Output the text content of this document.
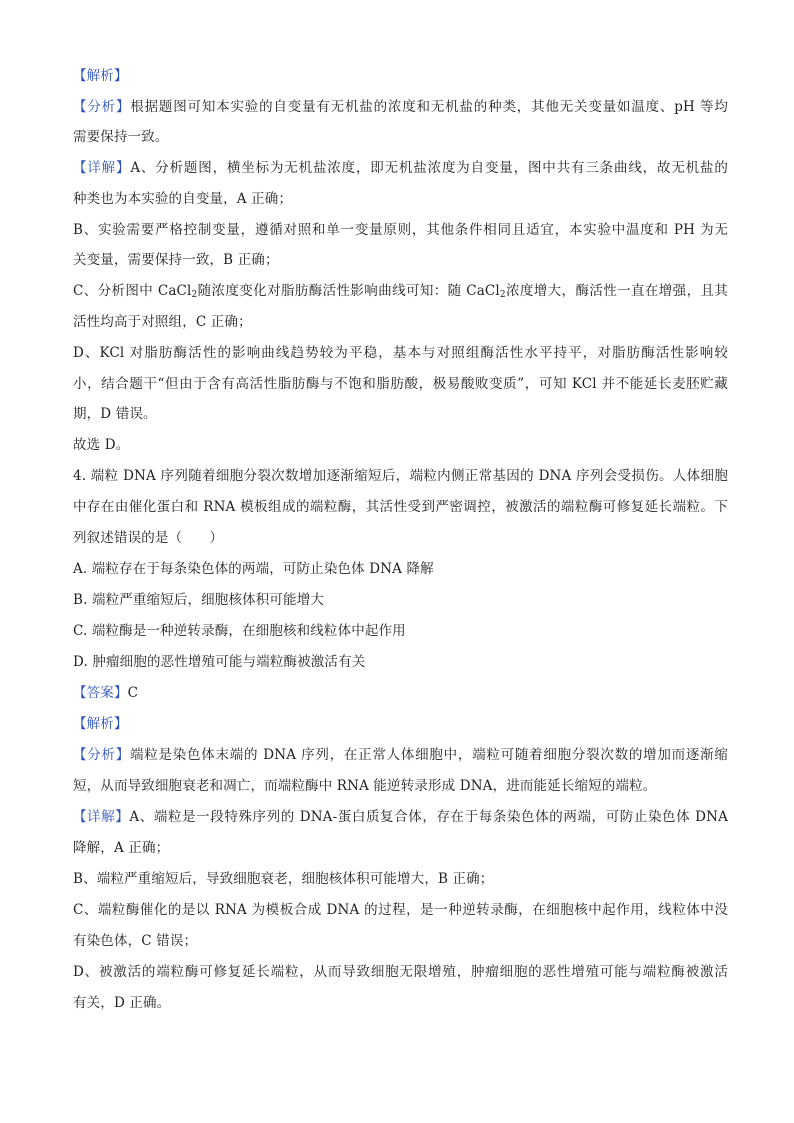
【解析】
【分析】根据题图可知本实验的自变量有无机盐的浓度和无机盐的种类，其他无关变量如温度、pH 等均
需要保持一致。
【详解】A、分析题图，横坐标为无机盐浓度，即无机盐浓度为自变量，图中共有三条曲线，故无机盐的
种类也为本实验的自变量，A 正确；
B、实验需要严格控制变量，遵循对照和单一变量原则，其他条件相同且适宜，本实验中温度和 PH 为无
关变量，需要保持一致，B 正确；
C、分析图中 CaCl$_2$随浓度变化对脂肪酶活性影响曲线可知：随 CaCl$_2$浓度增大，酶活性一直在增强，且其
活性均高于对照组，C 正确；
D、KCl 对脂肪酶活性的影响曲线趋势较为平稳，基本与对照组酶活性水平持平，对脂肪酶活性影响较
小，结合题干“但由于含有高活性脂肪酶与不饱和脂肪酸，极易酸败变质”，可知 KCl 并不能延长麦胚贮藏
期，D 错误。
故选 D。
4. 端粒 DNA 序列随着细胞分裂次数增加逐渐缩短后，端粒内侧正常基因的 DNA 序列会受损伤。人体细胞
中存在由催化蛋白和 RNA 模板组成的端粒酶，其活性受到严密调控，被激活的端粒酶可修复延长端粒。下
列叙述错误的是（　　）
A. 端粒存在于每条染色体的两端，可防止染色体 DNA 降解
B. 端粒严重缩短后，细胞核体积可能增大
C. 端粒酶是一种逆转录酶，在细胞核和线粒体中起作用
D. 肿瘤细胞的恶性增殖可能与端粒酶被激活有关
【答案】C
【解析】
【分析】端粒是染色体末端的 DNA 序列，在正常人体细胞中，端粒可随着细胞分裂次数的增加而逐渐缩
短，从而导致细胞衰老和凋亡，而端粒酶中 RNA 能逆转录形成 DNA，进而能延长缩短的端粒。
【详解】A、端粒是一段特殊序列的 DNA-蛋白质复合体，存在于每条染色体的两端，可防止染色体 DNA
降解，A 正确；
B、端粒严重缩短后，导致细胞衰老，细胞核体积可能增大，B 正确；
C、端粒酶催化的是以 RNA 为模板合成 DNA 的过程，是一种逆转录酶，在细胞核中起作用，线粒体中没
有染色体，C 错误；
D、被激活的端粒酶可修复延长端粒，从而导致细胞无限增殖，肿瘤细胞的恶性增殖可能与端粒酶被激活
有关，D 正确。
